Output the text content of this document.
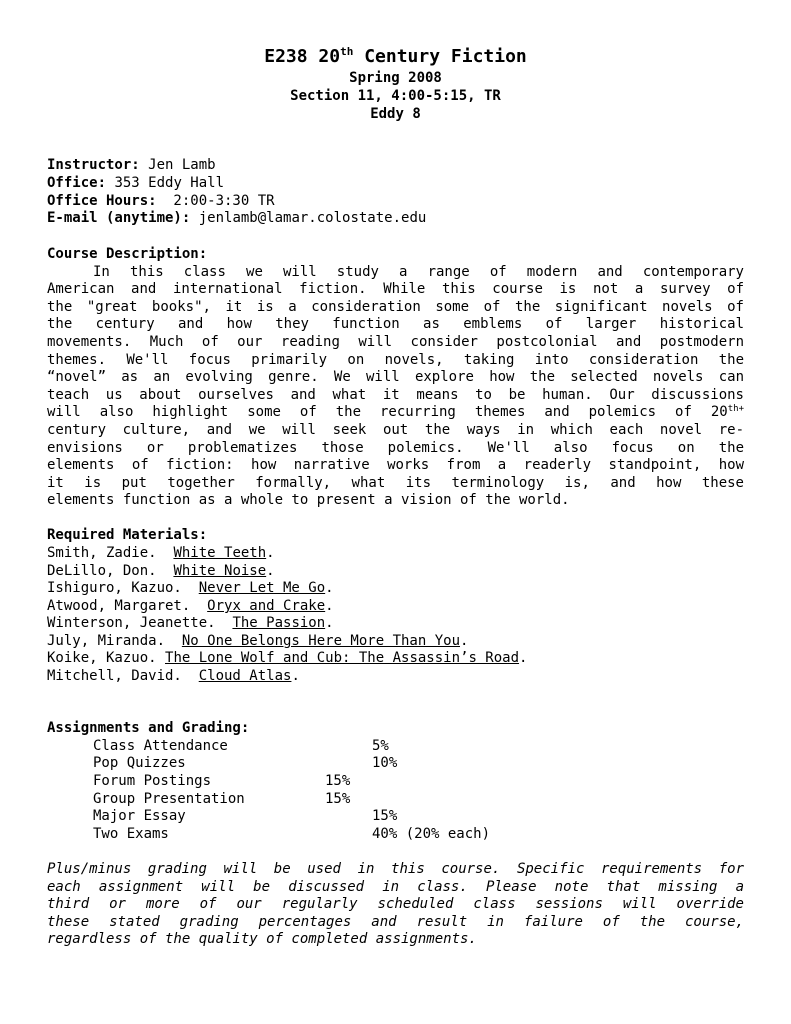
E238 20th Century Fiction
Spring 2008
Section 11, 4:00-5:15, TR
Eddy 8
Instructor: Jen Lamb
Office: 353 Eddy Hall
Office Hours:  2:00-3:30 TR
E-mail (anytime): jenlamb@lamar.colostate.edu
Course Description:
In this class we will study a range of modern and contemporary
American and international fiction. While this course is not a survey of
the "great books", it is a consideration some of the significant novels of
the century and how they function as emblems of larger historical
movements. Much of our reading will consider postcolonial and postmodern
themes. We'll focus primarily on novels, taking into consideration the
“novel” as an evolving genre. We will explore how the selected novels can
teach us about ourselves and what it means to be human. Our discussions
will also highlight some of the recurring themes and polemics of $20^{th+}$
century culture, and we will seek out the ways in which each novel re-
envisions or problematizes those polemics. We'll also focus on the
elements of fiction: how narrative works from a readerly standpoint, how
it is put together formally, what its terminology is, and how these
elements function as a whole to present a vision of the world.
Required Materials:
Smith, Zadie.  White Teeth.
DeLillo, Don.  White Noise.
Ishiguro, Kazuo.  Never Let Me Go.
Atwood, Margaret.  Oryx and Crake.
Winterson, Jeanette.  The Passion.
July, Miranda.  No One Belongs Here More Than You.
Koike, Kazuo. The Lone Wolf and Cub: The Assassin’s Road.
Mitchell, David.  Cloud Atlas.
Assignments and Grading:
Class Attendance	5%
Pop Quizzes	10%
Forum Postings	15%
Group Presentation	15%
Major Essay	15%
Two Exams	40% (20% each)
Plus/minus grading will be used in this course. Specific requirements for
each assignment will be discussed in class. Please note that missing a
third or more of our regularly scheduled class sessions will override
these stated grading percentages and result in failure of the course,
regardless of the quality of completed assignments.
